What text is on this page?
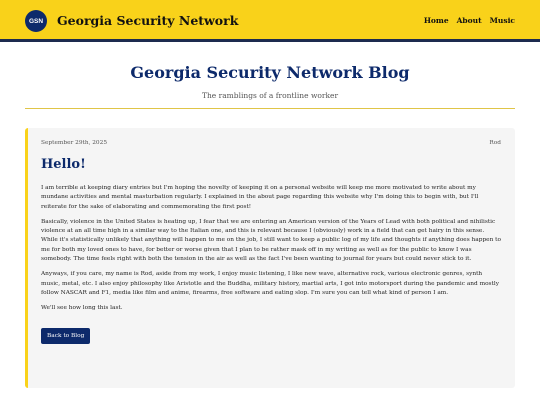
GSN	Georgia Security Network	Home About Music
Georgia Security Network Blog
The ramblings of a frontline worker
September 29th, 2025	Rod
Hello!

I am terrible at keeping diary entries but I'm hoping the novelty of keeping it on a personal website will keep me more motivated to write about my mundane activities and mental masturbation regularly. I explained in the about page regarding this website why I'm doing this to begin with, but I'll reiterate for the sake of elaborating and commemorating the first post!

Basically, violence in the United States is heating up, I fear that we are entering an American version of the Years of Lead with both political and nihilistic violence at an all time high in a similar way to the Italian one, and this is relevant because I (obviously) work in a field that can get hairy in this sense. While it's statistically unlikely that anything will happen to me on the job, I still want to keep a public log of my life and thoughts if anything does happen to me for both my loved ones to have, for better or worse given that I plan to be rather mask off in my writing as well as for the public to know I was somebody. The time feels right with both the tension in the air as well as the fact I've been wanting to journal for years but could never stick to it.

Anyways, if you care, my name is Rod, aside from my work, I enjoy music listening, I like new wave, alternative rock, various electronic genres, synth music, metal, etc. I also enjoy philosophy like Aristotle and the Buddha, military history, martial arts, I got into motorsport during the pandemic and mostly follow NASCAR and F1, media like film and anime, firearms, free software and eating slop. I'm sure you can tell what kind of person I am.

We'll see how long this last.

Back to Blog
